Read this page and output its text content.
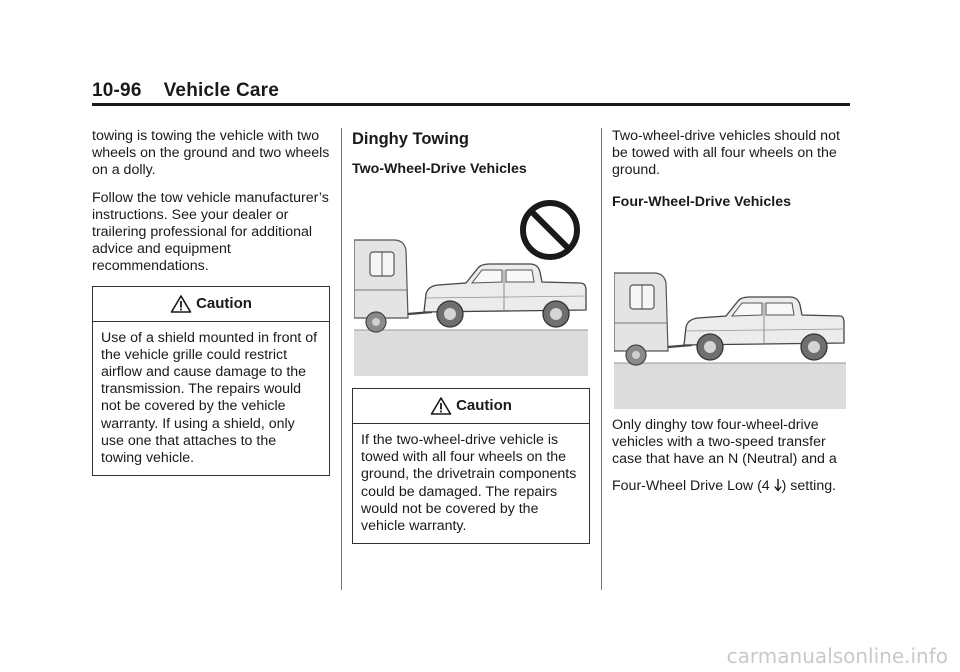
10-96 Vehicle Care

towing is towing the vehicle with two wheels on the ground and two wheels on a dolly.

Follow the tow vehicle manufacturer’s instructions. See your dealer or trailering professional for additional advice and equipment recommendations.

Caution
Use of a shield mounted in front of the vehicle grille could restrict airflow and cause damage to the transmission. The repairs would not be covered by the vehicle warranty. If using a shield, only use one that attaches to the towing vehicle.
Dinghy Towing
Two-Wheel-Drive Vehicles
Caution
If the two-wheel-drive vehicle is towed with all four wheels on the ground, the drivetrain components could be damaged. The repairs would not be covered by the vehicle warranty.

Two-wheel-drive vehicles should not be towed with all four wheels on the ground.

Four-Wheel-Drive Vehicles

Only dinghy tow four-wheel-drive vehicles with a two-speed transfer case that have an N (Neutral) and a

Four-Wheel Drive Low (4 ) setting.

carmanualsonline.info
